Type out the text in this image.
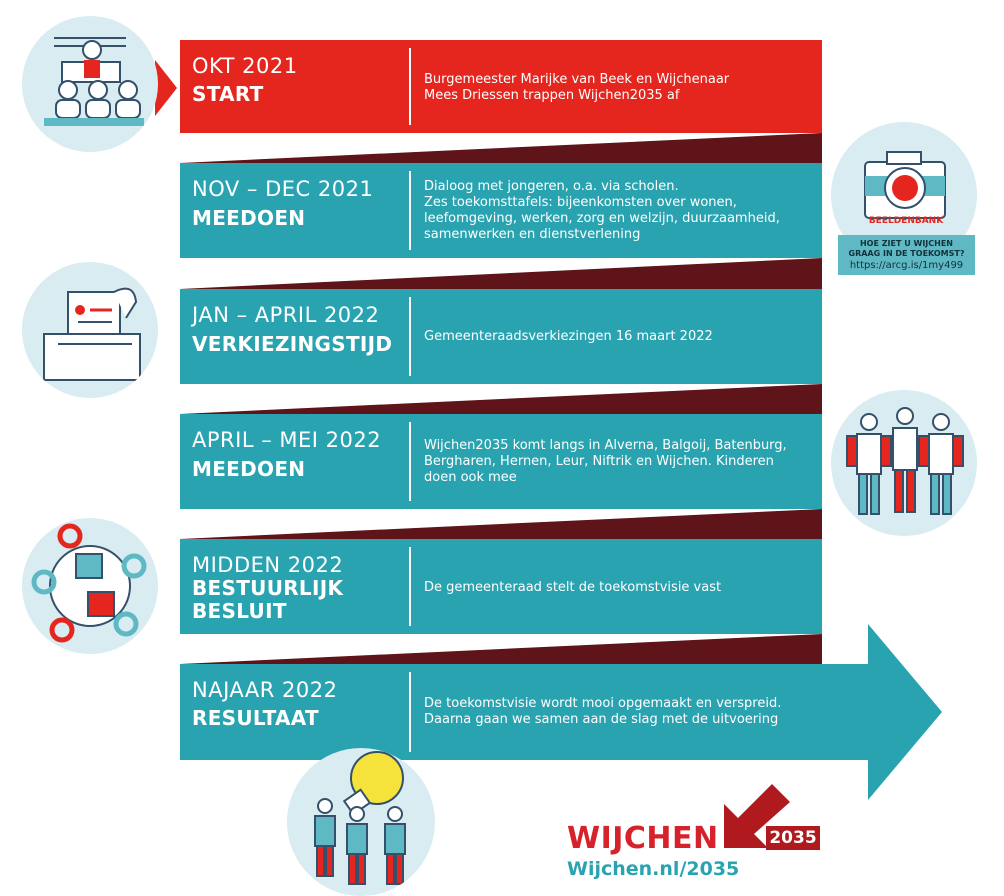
OKT 2021
START
Burgemeester Marijke van Beek en Wijchenaar
Mees Driessen trappen Wijchen2035 af
NOV – DEC 2021
MEEDOEN
Dialoog met jongeren, o.a. via scholen.
Zes toekomsttafels: bijeenkomsten over wonen,
leefomgeving, werken, zorg en welzijn, duurzaamheid,
samenwerken en dienstverlening
JAN – APRIL 2022
VERKIEZINGSTIJD Gemeenteraadsverkiezingen 16 maart 2022
APRIL – MEI 2022
MEEDOEN
Wijchen2035 komt langs in Alverna, Balgoij, Batenburg,
Bergharen, Hernen, Leur, Niftrik en Wijchen. Kinderen
doen ook mee
MIDDEN 2022
BESTUURLIJK
BESLUIT
De gemeenteraad stelt de toekomstvisie vast
NAJAAR 2022
RESULTAAT
De toekomstvisie wordt mooi opgemaakt en verspreid.
Daarna gaan we samen aan de slag met de uitvoering
BEELDENBANK
HOE ZIET U WIJCHEN
GRAAG IN DE TOEKOMST?
https://arcg.is/1my499
WIJCHEN	2035
Wijchen.nl/2035
